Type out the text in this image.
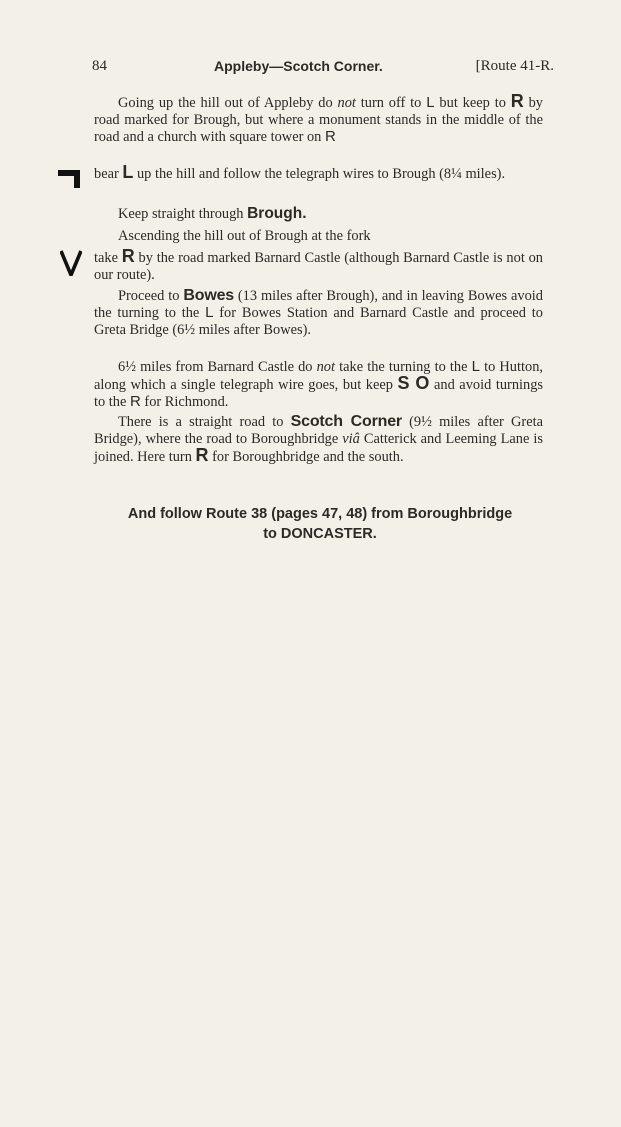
84	Appleby—Scotch Corner.	[Route 41-R.

Going up the hill out of Appleby do not turn off to L but keep to R by road marked for Brough, but where a monument stands in the middle of the road and a church with square tower on R

bear L up the hill and follow the telegraph wires to Brough (8¼ miles).

Keep straight through Brough.

Ascending the hill out of Brough at the fork

take R by the road marked Barnard Castle (although Barnard Castle is not on our route).

Proceed to Bowes (13 miles after Brough), and in leaving Bowes avoid the turning to the L for Bowes Station and Barnard Castle and proceed to Greta Bridge (6½ miles after Bowes).

6½ miles from Barnard Castle do not take the turning to the L to Hutton, along which a single telegraph wire goes, but keep S O and avoid turnings to the R for Richmond.

There is a straight road to Scotch Corner (9½ miles after Greta Bridge), where the road to Boroughbridge viâ Catterick and Leeming Lane is joined. Here turn R for Boroughbridge and the south.

And follow Route 38 (pages 47, 48) from Boroughbridge
to DONCASTER.
